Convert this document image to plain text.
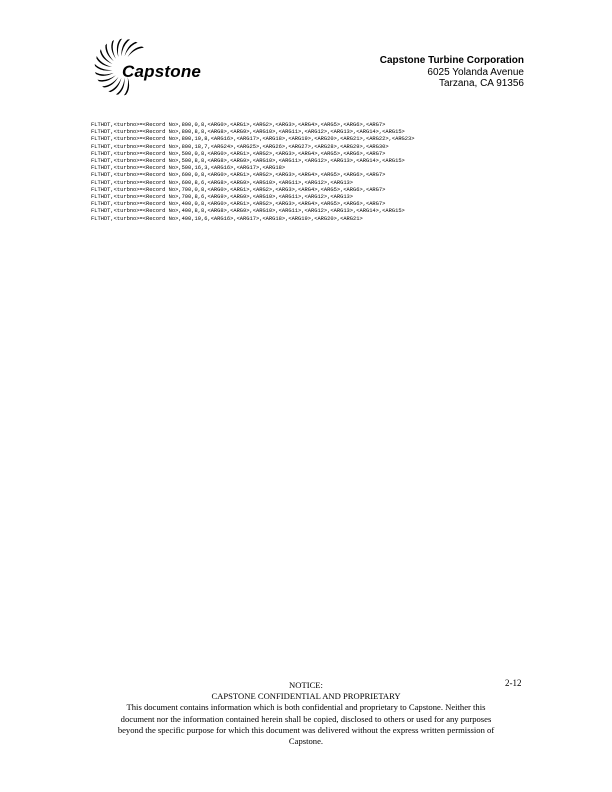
Capstone
Capstone Turbine Corporation
6025 Yolanda Avenue
Tarzana, CA 91356
FLTHDT,<turbno>=<Record No>,800,0,8,<ARG0>,<ARG1>,<ARG2>,<ARG3>,<ARG4>,<ARG5>,<ARG6>,<ARG7>
FLTHDT,<turbno>=<Record No>,800,8,8,<ARG8>,<ARG9>,<ARG10>,<ARG11>,<ARG12>,<ARG13>,<ARG14>,<ARG15>
FLTHDT,<turbno>=<Record No>,800,10,8,<ARG16>,<ARG17>,<ARG18>,<ARG19>,<ARG20>,<ARG21>,<ARG22>,<ARG23>
FLTHDT,<turbno>=<Record No>,800,18,7,<ARG24>,<ARG25>,<ARG26>,<ARG27>,<ARG28>,<ARG29>,<ARG30>
FLTHDT,<turbno>=<Record No>,500,0,8,<ARG0>,<ARG1>,<ARG2>,<ARG3>,<ARG4>,<ARG5>,<ARG6>,<ARG7>
FLTHDT,<turbno>=<Record No>,500,8,8,<ARG8>,<ARG9>,<ARG10>,<ARG11>,<ARG12>,<ARG13>,<ARG14>,<ARG15>
FLTHDT,<turbno>=<Record No>,500,16,3,<ARG16>,<ARG17>,<ARG18>
FLTHDT,<turbno>=<Record No>,600,0,8,<ARG0>,<ARG1>,<ARG2>,<ARG3>,<ARG4>,<ARG5>,<ARG6>,<ARG7>
FLTHDT,<turbno>=<Record No>,600,8,6,<ARG8>,<ARG9>,<ARG10>,<ARG11>,<ARG12>,<ARG13>
FLTHDT,<turbno>=<Record No>,700,0,8,<ARG0>,<ARG1>,<ARG2>,<ARG3>,<ARG4>,<ARG5>,<ARG6>,<ARG7>
FLTHDT,<turbno>=<Record No>,700,8,6,<ARG9>,<ARG9>,<ARG10>,<ARG11>,<ARG12>,<ARG13>
FLTHDT,<turbno>=<Record No>,400,0,8,<ARG0>,<ARG1>,<ARG2>,<ARG3>,<ARG4>,<ARG5>,<ARG6>,<ARG7>
FLTHDT,<turbno>=<Record No>,400,8,8,<ARG8>,<ARG9>,<ARG10>,<ARG11>,<ARG12>,<ARG13>,<ARG14>,<ARG15>
FLTHDT,<turbno>=<Record No>,400,10,6,<ARG16>,<ARG17>,<ARG18>,<ARG19>,<ARG20>,<ARG21>
2-12
NOTICE:
CAPSTONE CONFIDENTIAL AND PROPRIETARY
This document contains information which is both confidential and proprietary to Capstone. Neither this
document nor the information contained herein shall be copied, disclosed to others or used for any purposes
beyond the specific purpose for which this document was delivered without the express written permission of
Capstone.
